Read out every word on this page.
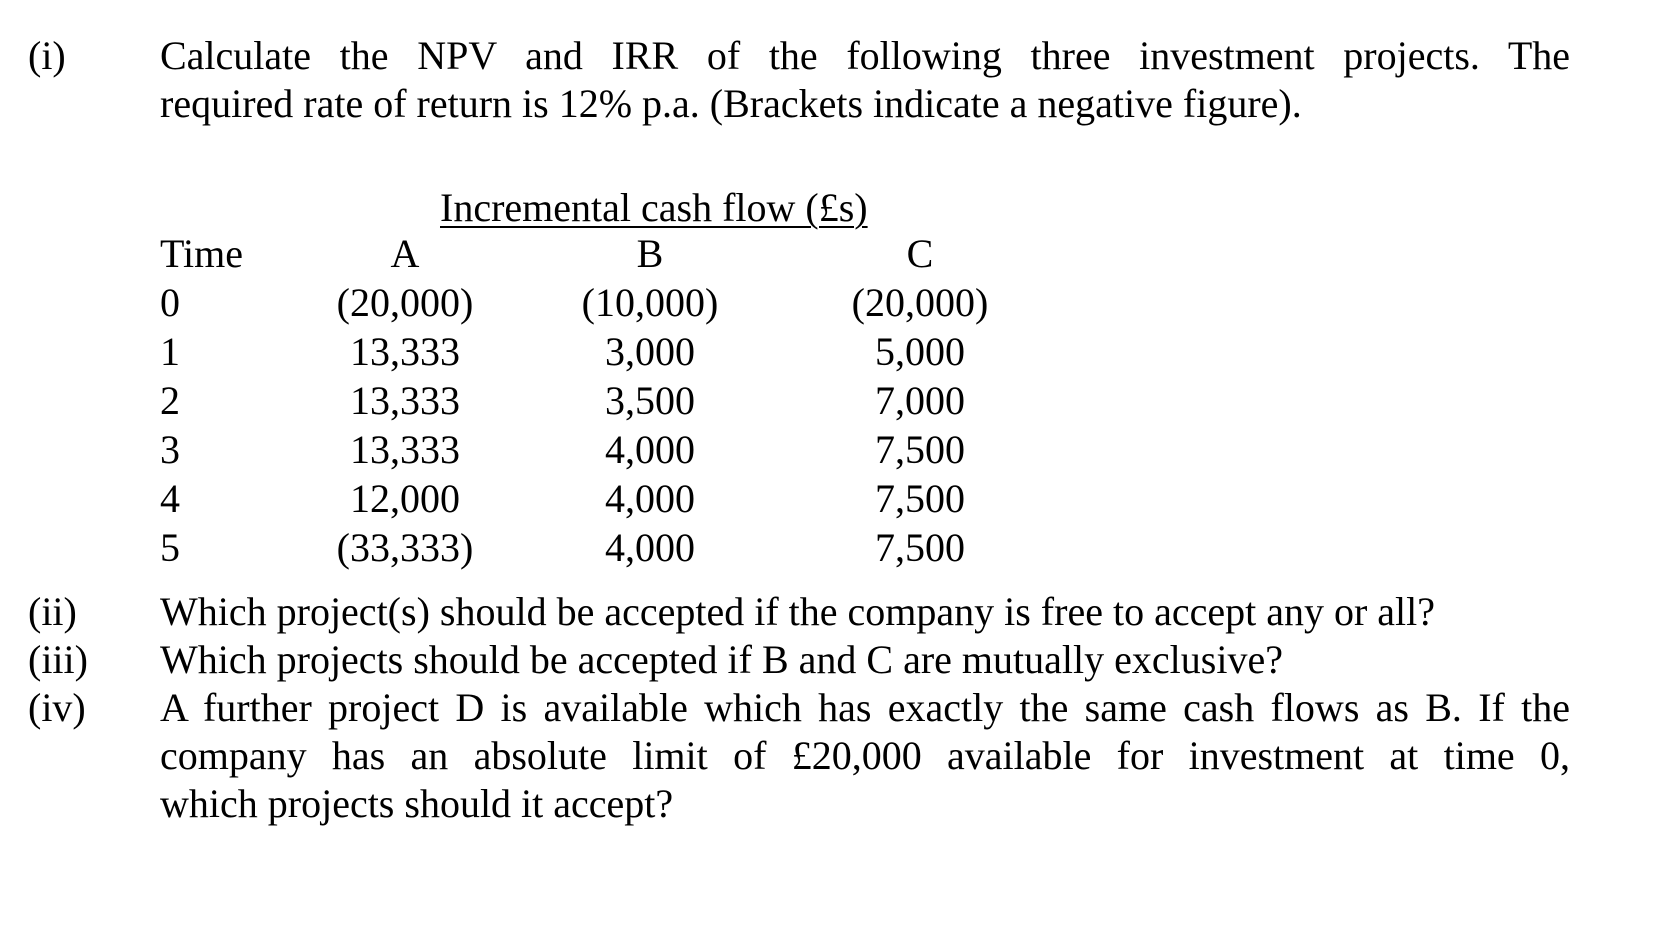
(i) Calculate the NPV and IRR of the following three investment projects. The
required rate of return is 12% p.a. (Brackets indicate a negative figure).
Incremental cash flow (£s)
Time
0
1
2
3
4
5
A
(20,000)
13,333
13,333
13,333
12,000
(33,333)
B
(10,000)
3,000
3,500
4,000
4,000
4,000
C
(20,000)
5,000
7,000
7,500
7,500
7,500
(ii) Which project(s) should be accepted if the company is free to accept any or all?
(iii) Which projects should be accepted if B and C are mutually exclusive?
(iv) A further project D is available which has exactly the same cash flows as B. If the
company has an absolute limit of £20,000 available for investment at time 0,
which projects should it accept?
